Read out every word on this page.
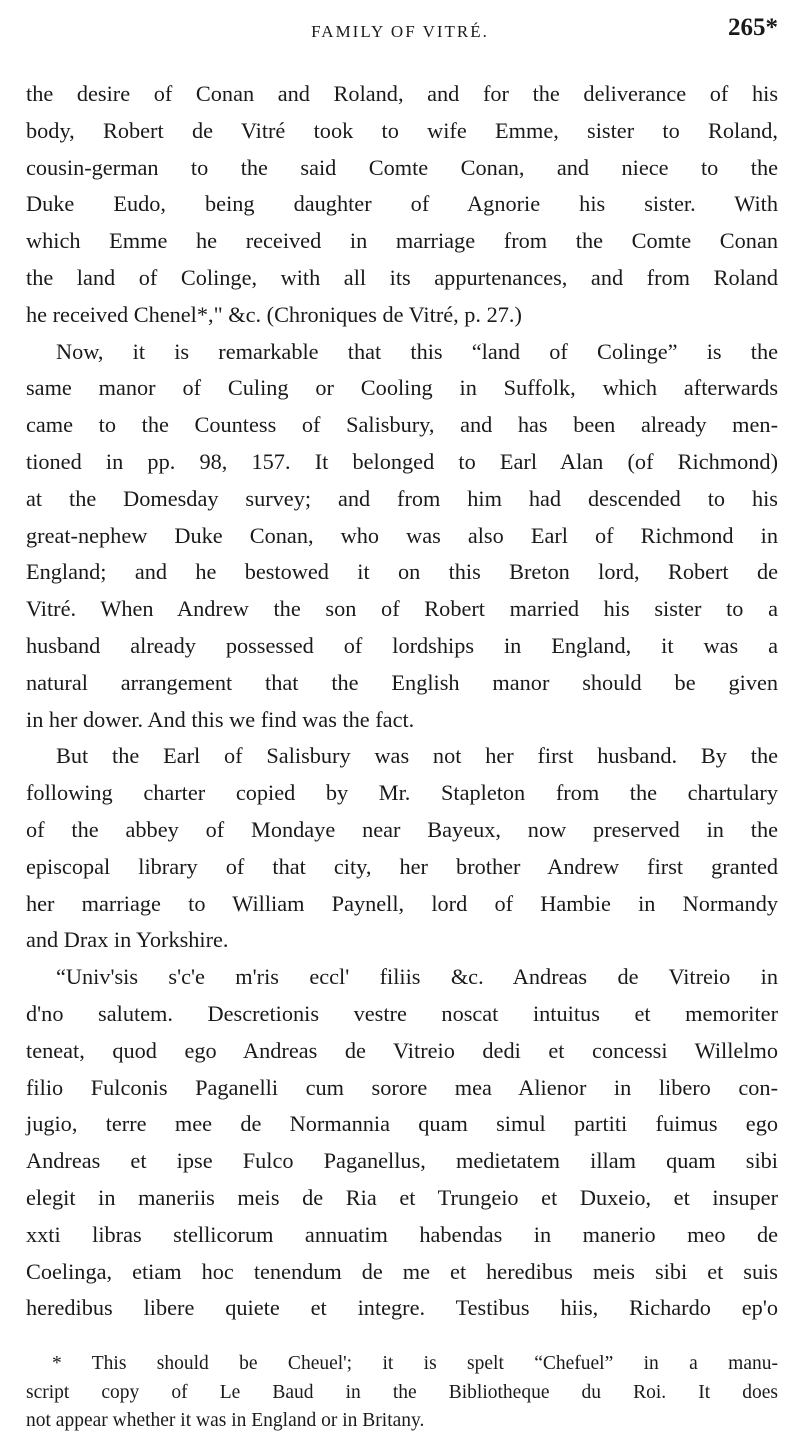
FAMILY OF VITRÉ.	265*

the desire of Conan and Roland, and for the deliverance of his
body, Robert de Vitré took to wife Emme, sister to Roland,
cousin-german to the said Comte Conan, and niece to the
Duke Eudo, being daughter of Agnorie his sister. With
which Emme he received in marriage from the Comte Conan
the land of Colinge, with all its appurtenances, and from Roland
he received Chenel*," &c. (Chroniques de Vitré, p. 27.)

Now, it is remarkable that this “land of Colinge” is the
same manor of Culing or Cooling in Suffolk, which afterwards
came to the Countess of Salisbury, and has been already men-
tioned in pp. 98, 157. It belonged to Earl Alan (of Richmond)
at the Domesday survey; and from him had descended to his
great-nephew Duke Conan, who was also Earl of Richmond in
England; and he bestowed it on this Breton lord, Robert de
Vitré. When Andrew the son of Robert married his sister to a
husband already possessed of lordships in England, it was a
natural arrangement that the English manor should be given
in her dower. And this we find was the fact.

But the Earl of Salisbury was not her first husband. By the
following charter copied by Mr. Stapleton from the chartulary
of the abbey of Mondaye near Bayeux, now preserved in the
episcopal library of that city, her brother Andrew first granted
her marriage to William Paynell, lord of Hambie in Normandy
and Drax in Yorkshire.

“Univ'sis s'c'e m'ris eccl' filiis &c. Andreas de Vitreio in
d'no salutem. Descretionis vestre noscat intuitus et memoriter
teneat, quod ego Andreas de Vitreio dedi et concessi Willelmo
filio Fulconis Paganelli cum sorore mea Alienor in libero con-
jugio, terre mee de Normannia quam simul partiti fuimus ego
Andreas et ipse Fulco Paganellus, medietatem illam quam sibi
elegit in maneriis meis de Ria et Trungeio et Duxeio, et insuper
xxti libras stellicorum annuatim habendas in manerio meo de
Coelinga, etiam hoc tenendum de me et heredibus meis sibi et suis
heredibus libere quiete et integre. Testibus hiis, Richardo ep'o

* This should be Cheuel'; it is spelt “Chefuel” in a manu-
script copy of Le Baud in the Bibliotheque du Roi. It does
not appear whether it was in England or in Britany.
